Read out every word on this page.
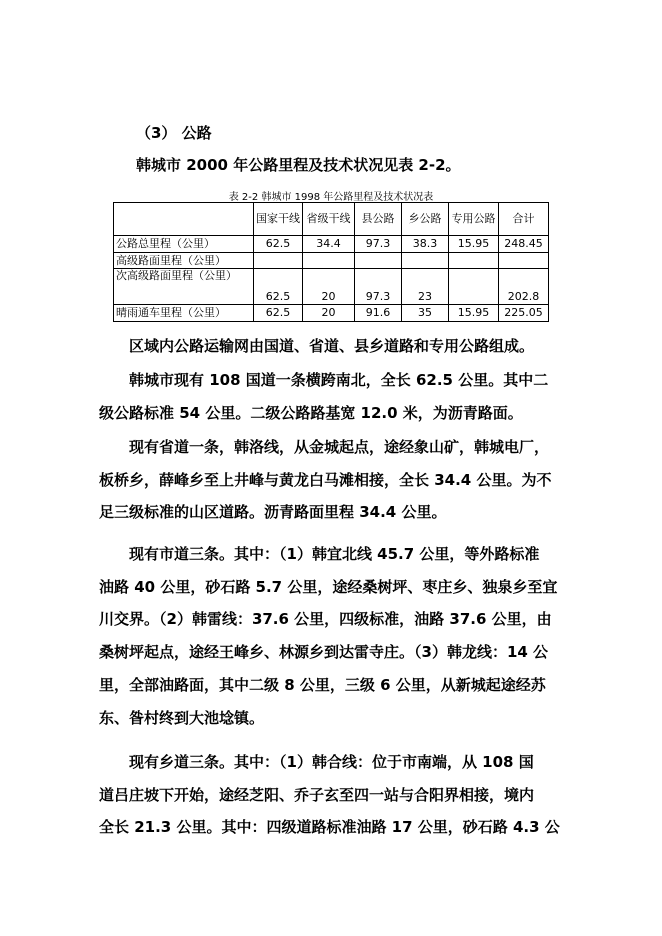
（3） 公路
韩城市 2000 年公路里程及技术状况见表 2-2。
表 2-2 韩城市 1998 年公路里程及技术状况表
	国家干线	省级干线	县公路	乡公路	专用公路	合计
公路总里程（公里）	62.5	34.4	97.3	38.3	15.95	248.45
高级路面里程（公里）						
次高级路面里程（公里）	62.5	20	97.3	23		202.8
晴雨通车里程（公里）	62.5	20	91.6	35	15.95	225.05
　　区域内公路运输网由国道、省道、县乡道路和专用公路组成。
　　韩城市现有 108 国道一条横跨南北，全长 62.5 公里。其中二
级公路标准 54 公里。二级公路路基宽 12.0 米，为沥青路面。
　　现有省道一条，韩洛线，从金城起点，途经象山矿，韩城电厂，
板桥乡，薛峰乡至上井峰与黄龙白马滩相接，全长 34.4 公里。为不
足三级标准的山区道路。沥青路面里程 34.4 公里。
　　现有市道三条。其中：（1）韩宜北线 45.7 公里，等外路标准
油路 40 公里，砂石路 5.7 公里，途经桑树坪、枣庄乡、独泉乡至宜
川交界。（2）韩雷线：37.6 公里，四级标准，油路 37.6 公里，由
桑树坪起点，途经王峰乡、林源乡到达雷寺庄。（3）韩龙线：14 公
里，全部油路面，其中二级 8 公里，三级 6 公里，从新城起途经苏
东、昝村终到大池埝镇。
　　现有乡道三条。其中：（1）韩合线：位于市南端，从 108 国
道吕庄坡下开始，途经芝阳、乔子玄至四一站与合阳界相接，境内
全长 21.3 公里。其中：四级道路标准油路 17 公里，砂石路 4.3 公
